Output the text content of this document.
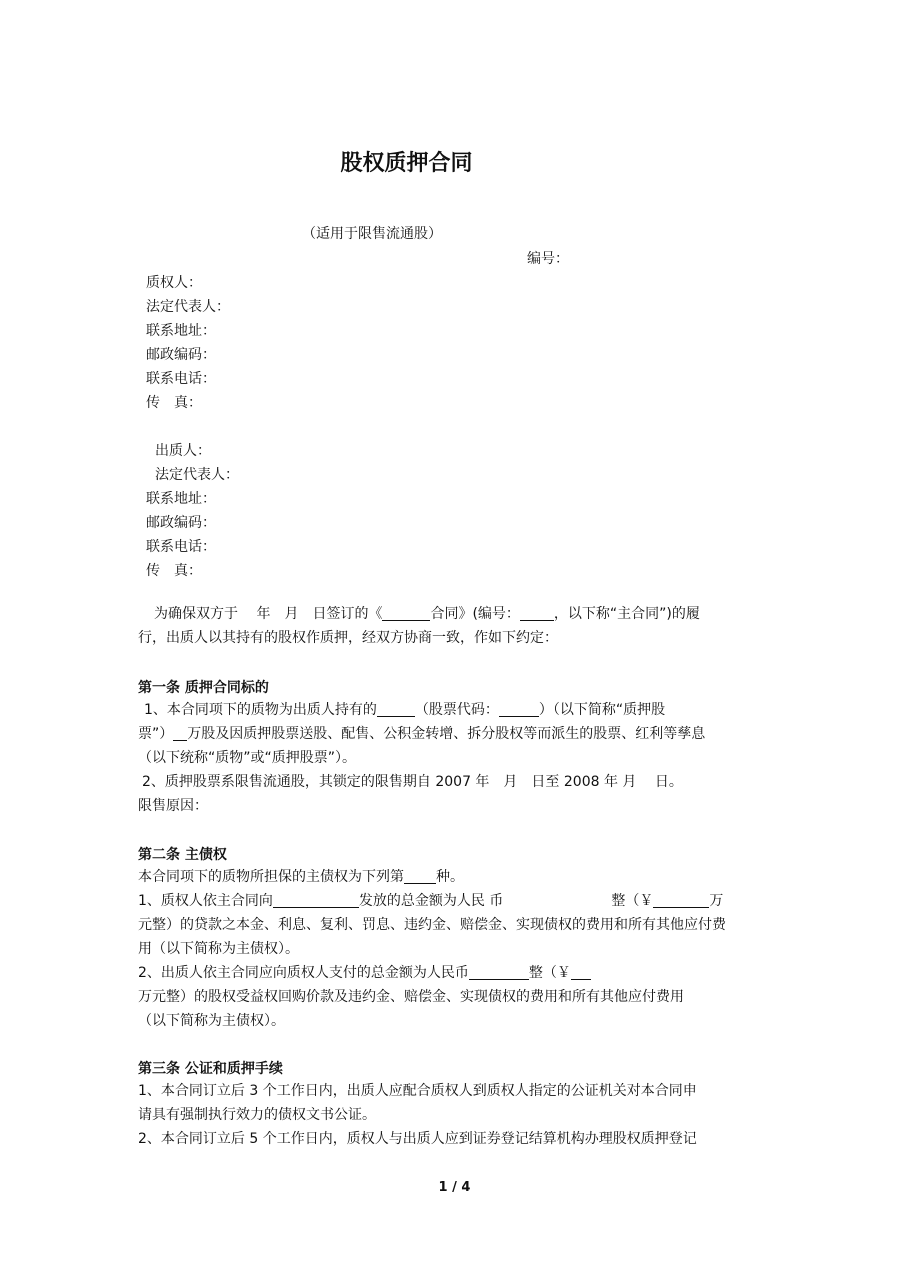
股权质押合同
（适用于限售流通股）
编号：
质权人：
法定代表人：
联系地址：
邮政编码：
联系电话：
传　真：
出质人：
法定代表人：
联系地址：
邮政编码：
联系电话：
传　真：
为确保双方于　 年　月　日签订的《	合同》(编号： ，以下称“主合同”)的履
行，出质人以其持有的股权作质押，经双方协商一致，作如下约定：
第一条 质押合同标的
1、本合同项下的质物为出质人持有的	（股票代码：	）（以下简称“质押股
票”） 万股及因质押股票送股、配售、公积金转增、拆分股权等而派生的股票、红利等孳息
（以下统称“质物”或“质押股票”）。
2、质押股票系限售流通股，其锁定的限售期自 2007 年　月　日至 2008 年 月　 日。
限售原因：
第二条 主债权
本合同项下的质物所担保的主债权为下列第 种。
1、质权人依主合同向	发放的总金额为人民 币	整（￥	万
元整）的贷款之本金、利息、复利、罚息、违约金、赔偿金、实现债权的费用和所有其他应付费
用（以下简称为主债权）。
2、出质人依主合同应向质权人支付的总金额为人民币	整（￥
万元整）的股权受益权回购价款及违约金、赔偿金、实现债权的费用和所有其他应付费用
（以下简称为主债权）。
第三条 公证和质押手续
1、本合同订立后 3 个工作日内，出质人应配合质权人到质权人指定的公证机关对本合同申
请具有强制执行效力的债权文书公证。
2、本合同订立后 5 个工作日内，质权人与出质人应到证券登记结算机构办理股权质押登记
1 / 4
